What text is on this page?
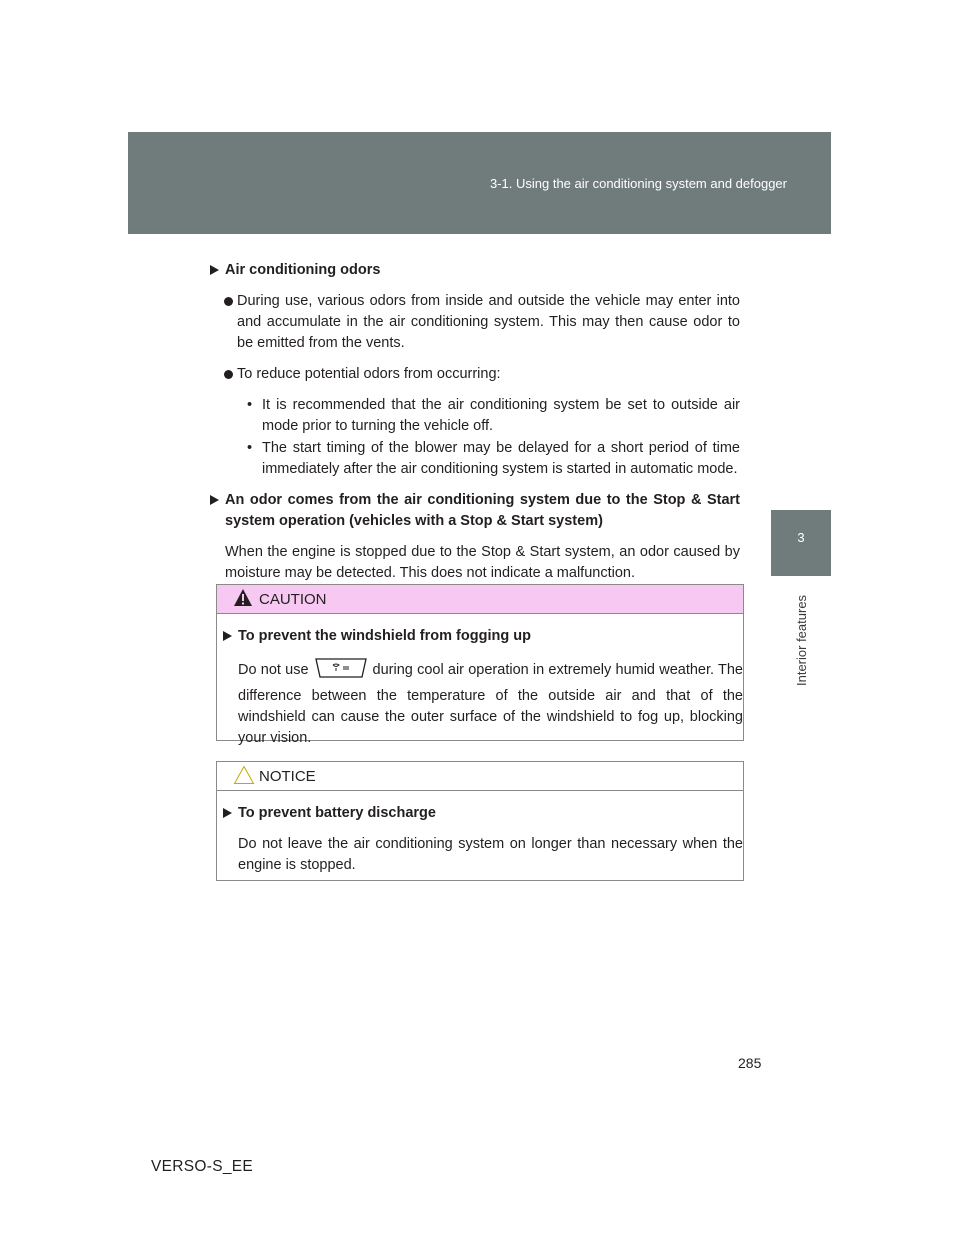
3-1. Using the air conditioning system and defogger
3
Interior features
Air conditioning odors
During use, various odors from inside and outside the vehicle may enter into and accumulate in the air conditioning system. This may then cause odor to be emitted from the vents.
To reduce potential odors from occurring:
• It is recommended that the air conditioning system be set to outside air mode prior to turning the vehicle off.
• The start timing of the blower may be delayed for a short period of time immediately after the air conditioning system is started in automatic mode.
An odor comes from the air conditioning system due to the Stop & Start system operation (vehicles with a Stop & Start system)
When the engine is stopped due to the Stop & Start system, an odor caused by moisture may be detected. This does not indicate a malfunction.
CAUTION
To prevent the windshield from fogging up
Do not use	during cool air operation in extremely humid weather. The difference between the temperature of the outside air and that of the windshield can cause the outer surface of the windshield to fog up, blocking your vision.
NOTICE
To prevent battery discharge
Do not leave the air conditioning system on longer than necessary when the engine is stopped.
285
VERSO-S_EE
